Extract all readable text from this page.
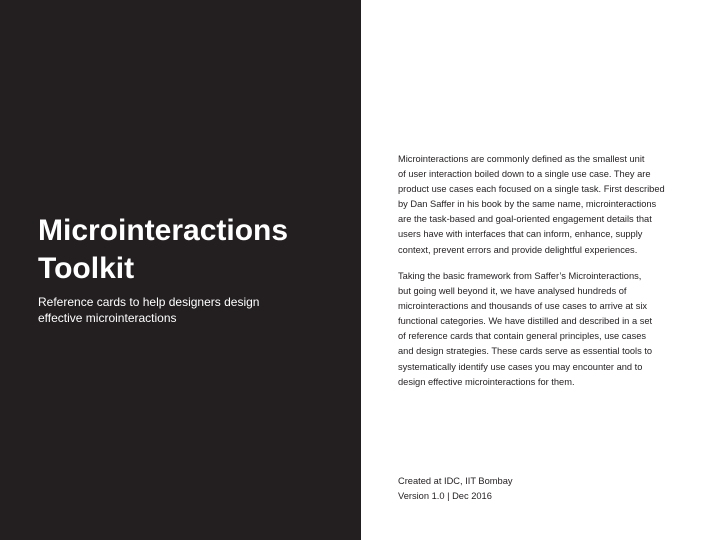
Microinteractions
Toolkit

Reference cards to help designers design
effective microinteractions

Microinteractions are commonly defined as the smallest unit
of user interaction boiled down to a single use case. They are
product use cases each focused on a single task. First described
by Dan Saffer in his book by the same name, microinteractions
are the task-based and goal-oriented engagement details that
users have with interfaces that can inform, enhance, supply
context, prevent errors and provide delightful experiences.

Taking the basic framework from Saffer’s Microinteractions,
but going well beyond it, we have analysed hundreds of
microinteractions and thousands of use cases to arrive at six
functional categories. We have distilled and described in a set
of reference cards that contain general principles, use cases
and design strategies. These cards serve as essential tools to
systematically identify use cases you may encounter and to
design effective microinteractions for them.

Created at IDC, IIT Bombay
Version 1.0 | Dec 2016
